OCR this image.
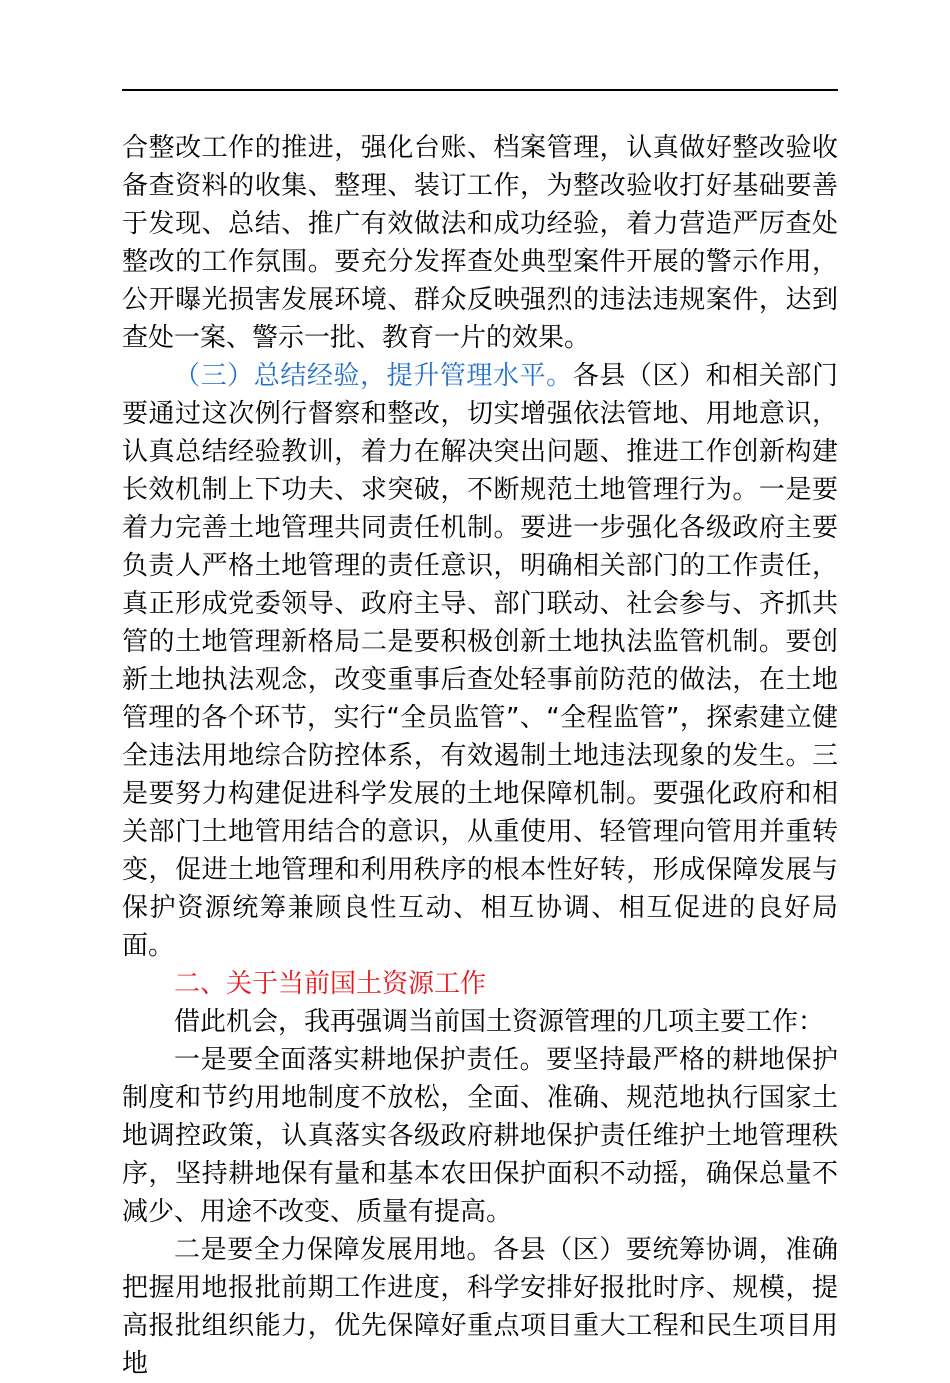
合整改工作的推进，强化台账、档案管理，认真做好整改验收备查资料的收集、整理、装订工作，为整改验收打好基础要善于发现、总结、推广有效做法和成功经验，着力营造严厉查处整改的工作氛围。要充分发挥查处典型案件开展的警示作用，公开曝光损害发展环境、群众反映强烈的违法违规案件，达到查处一案、警示一批、教育一片的效果。

（三）总结经验，提升管理水平。各县（区）和相关部门要通过这次例行督察和整改，切实增强依法管地、用地意识，认真总结经验教训，着力在解决突出问题、推进工作创新构建长效机制上下功夫、求突破，不断规范土地管理行为。一是要着力完善土地管理共同责任机制。要进一步强化各级政府主要负责人严格土地管理的责任意识，明确相关部门的工作责任，真正形成党委领导、政府主导、部门联动、社会参与、齐抓共管的土地管理新格局二是要积极创新土地执法监管机制。要创新土地执法观念，改变重事后查处轻事前防范的做法，在土地管理的各个环节，实行“全员监管”、“全程监管”，探索建立健全违法用地综合防控体系，有效遏制土地违法现象的发生。三是要努力构建促进科学发展的土地保障机制。要强化政府和相关部门土地管用结合的意识，从重使用、轻管理向管用并重转变，促进土地管理和利用秩序的根本性好转，形成保障发展与保护资源统筹兼顾良性互动、相互协调、相互促进的良好局面。

二、关于当前国土资源工作

借此机会，我再强调当前国土资源管理的几项主要工作：

一是要全面落实耕地保护责任。要坚持最严格的耕地保护制度和节约用地制度不放松，全面、准确、规范地执行国家土地调控政策，认真落实各级政府耕地保护责任维护土地管理秩序，坚持耕地保有量和基本农田保护面积不动摇，确保总量不减少、用途不改变、质量有提高。

二是要全力保障发展用地。各县（区）要统筹协调，准确把握用地报批前期工作进度，科学安排好报批时序、规模，提高报批组织能力，优先保障好重点项目重大工程和民生项目用地
